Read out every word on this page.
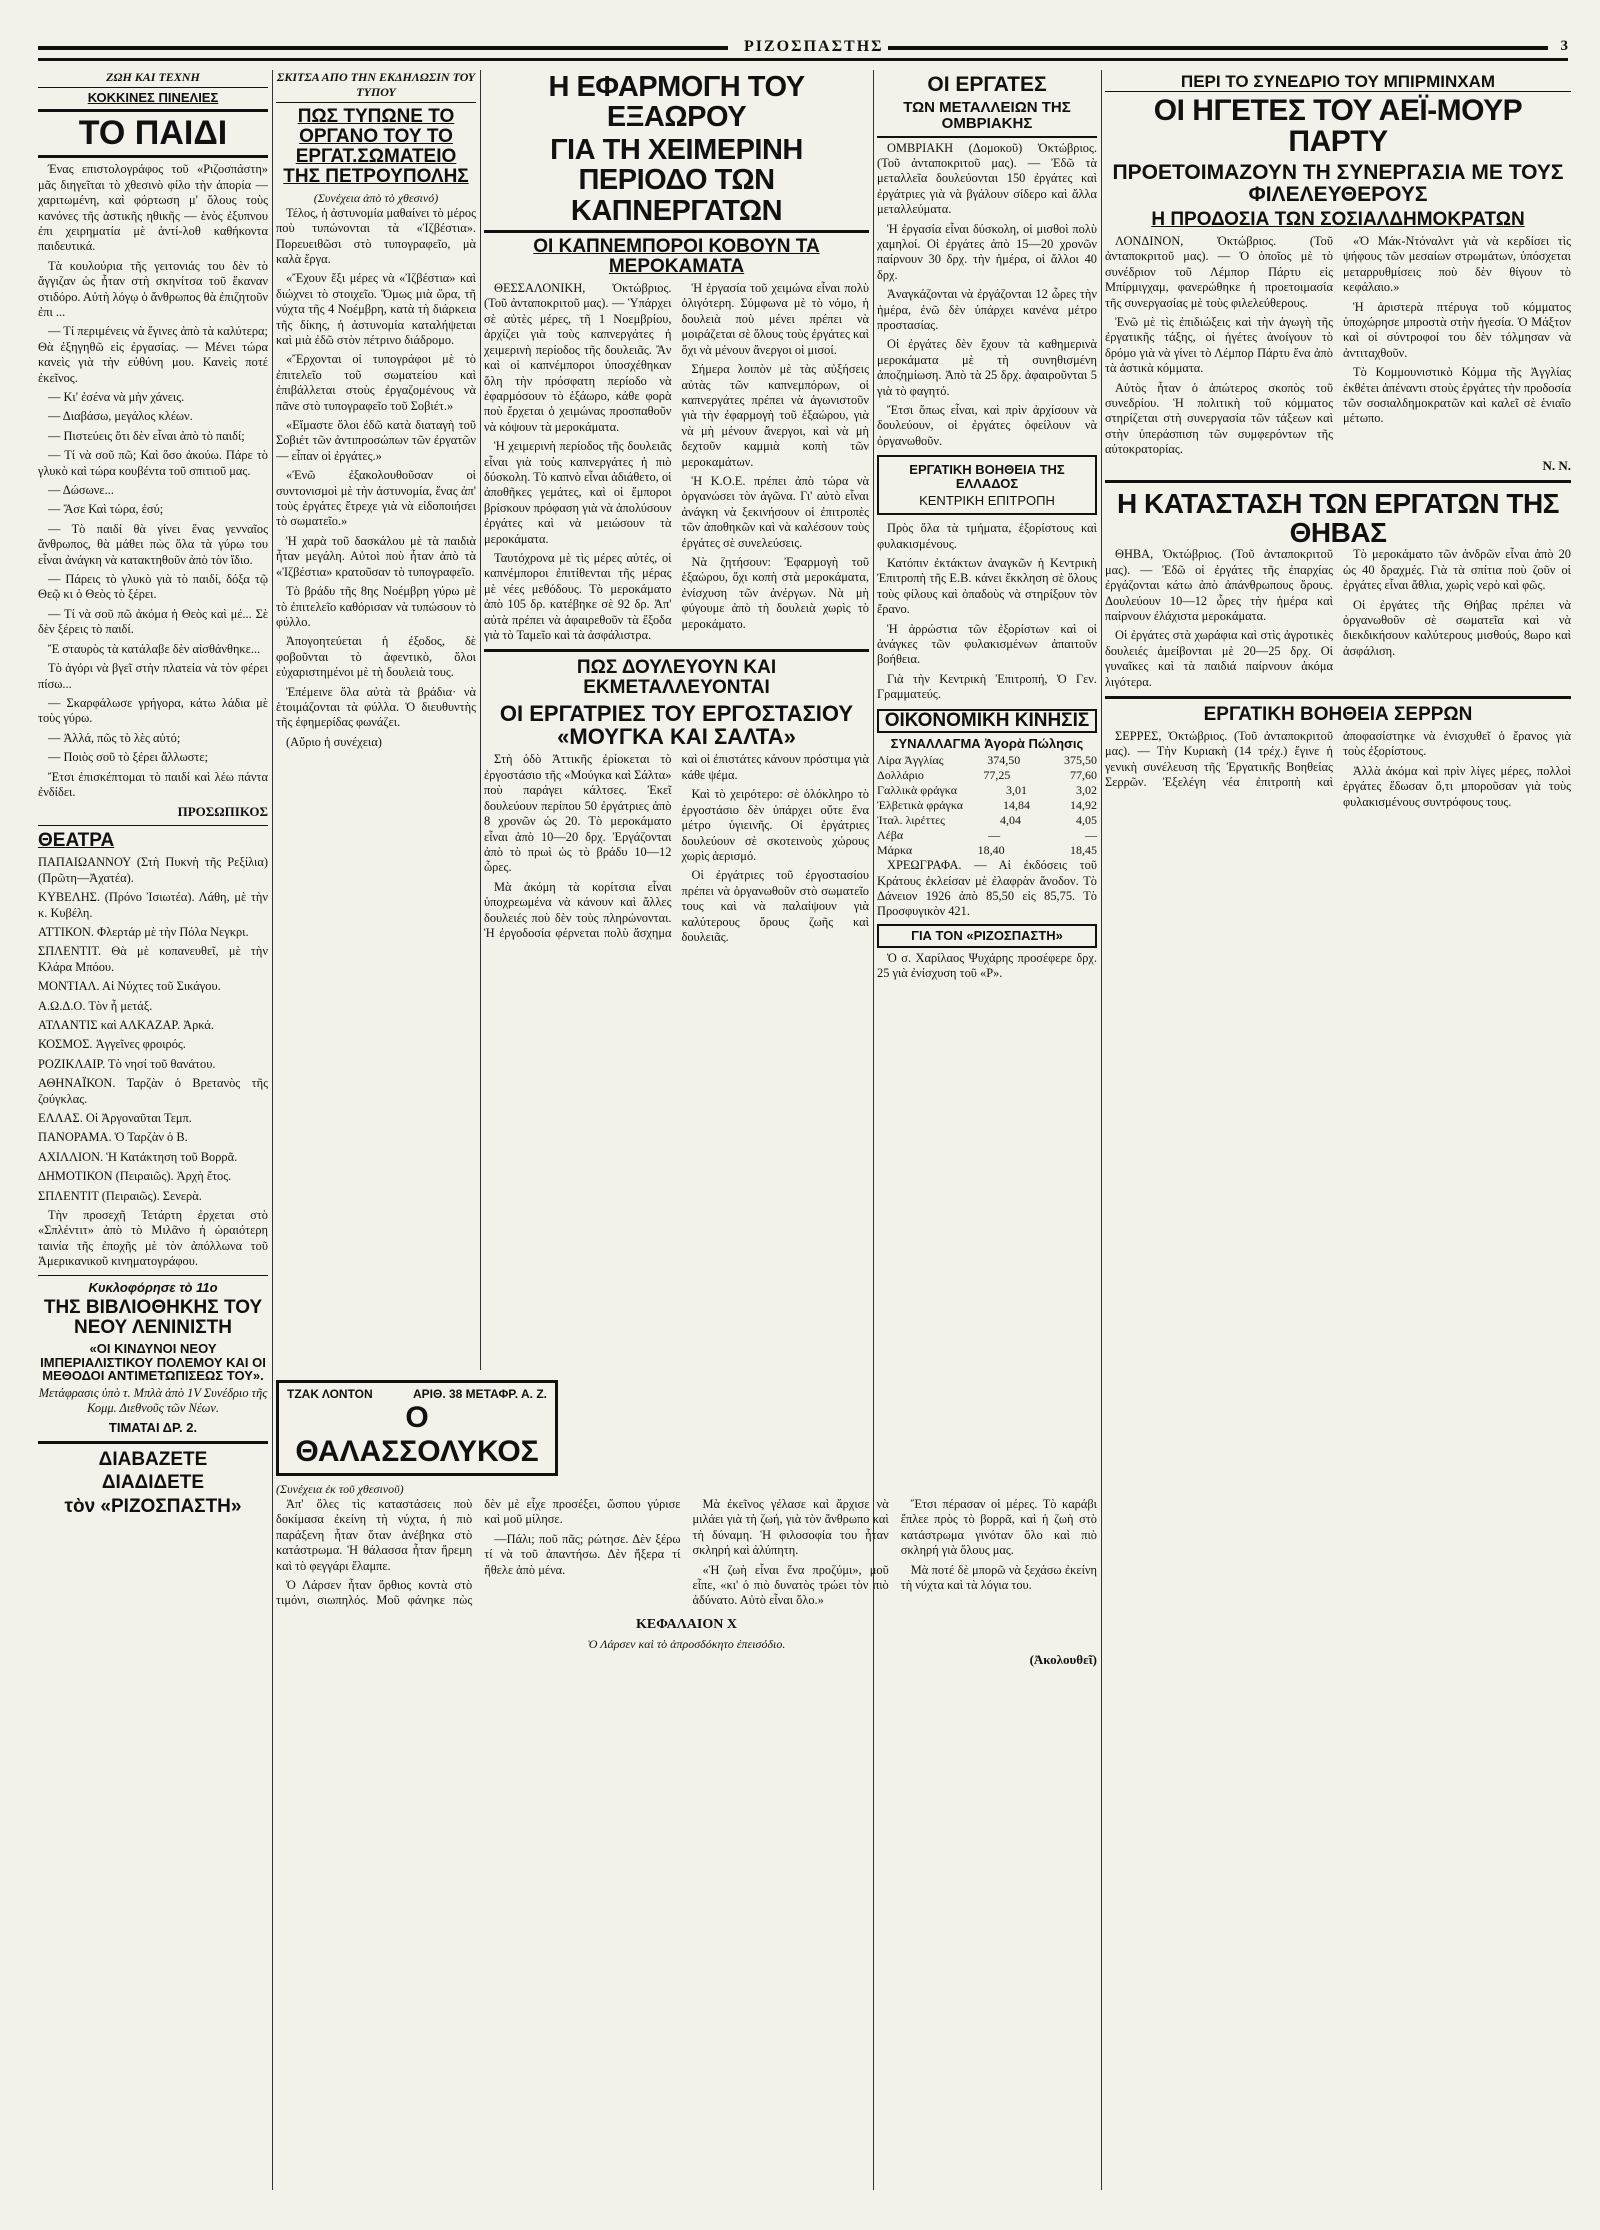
ΡΙΖΟΣΠΑΣΤΗΣ	3
ΖΩΗ ΚΑΙ ΤΕΧΝΗ
ΚΟΚΚΙΝΕΣ ΠΙΝΕΛΙΕΣ
ΤΟ ΠΑΙΔΙ

Ένας επιστολογράφος τοῦ «Ριζοσπάστη» μᾶς διηγεῖται τὸ χθεσινὸ φίλο τὴν ἀπορία — χαριτωμένη, καὶ φόρτωση μ' ὅλους τοὺς κανόνες τῆς ἀστικῆς ηθικῆς — ἑνὸς ἐξυπνου ἐπι χειρηματία μὲ ἀντί-λοθ καθήκοντα παιδευτικά.

Τὰ κουλούρια τῆς γειτονιάς του δὲν τὸ ἄγγιζαν ὡς ἦταν στὴ σκηνίτσα τοῦ ἕκαναν στιδόρο. Αὐτὴ λόγῳ ὁ ἄνθρωπος θὰ ἐπιζητοῦν ἐπι ...

— Τί περιμένεις νὰ ἔγινες ἀπὸ τὰ καλύτερα; Θὰ ἐξηγηθῶ εἰς ἐργασίας. — Μένει τώρα κανεὶς γιὰ τὴν εὐθύνη μου. Κανεὶς ποτέ ἐκεῖνος.

— Κι' ἐσένα νὰ μὴν χάνεις.

— Διαβάσω, μεγάλος κλέων.

— Πιστεύεις ὅτι δὲν εἶναι ἀπὸ τὸ παιδί;

— Τί νὰ σοῦ πῶ; Καὶ ὅσο ἀκούω. Πάρε τὸ γλυκὸ καὶ τώρα κουβέντα τοῦ σπιτιοῦ μας.

— Δώσωνε...

— Ἄσε Καὶ τώρα, ἐσύ;

— Τὸ παιδί θὰ γίνει ἕνας γενναῖος ἄνθρωπος, θὰ μάθει πὼς ὅλα τὰ γύρω του εἶναι ἀνάγκη νὰ κατακτηθοῦν ἀπὸ τὸν ἴδιο.

— Πάρεις τὸ γλυκὸ γιὰ τὸ παιδί, δόξα τῷ Θεῷ κι ὁ Θεὸς τὸ ξέρει.

— Τί νὰ σοῦ πῶ ἀκόμα ἡ Θεὸς καὶ μέ... Σὲ δὲν ξέρεις τὸ παιδί.

Ἔ σταυρὸς τὰ κατάλαβε δὲν αἰσθάνθηκε...

Τὸ ἀγόρι νὰ βγεῖ στὴν πλατεία νὰ τὸν φέρει πίσω...

— Σκαρφάλωσε γρήγορα, κάτω λάδια μὲ τοὺς γύρω.

— Ἀλλά, πῶς τὸ λὲς αὐτό;

— Ποιὸς σοῦ τὸ ξέρει ἄλλωστε;

Ἔτσι ἐπισκέπτομαι τὸ παιδί καὶ λέω πάντα ἐνδίδει.

ΠΡΟΣΩΠΙΚΟΣ
ΘΕΑΤΡΑ

ΠΑΠΑΙΩΑΝΝΟΥ (Στὴ Πυκνὴ τῆς Ρεξίλια) (Πρῶτη—Ἀχατέα).

ΚΥΒΕΛΗΣ. (Πρόνο Ἰσιωτέα). Λάθη, μὲ τὴν κ. Κυβέλη.

ΑΤΤΙΚΟΝ. Φλερτάρ μὲ τὴν Πόλα Νεγκρι.

ΣΠΛΕΝΤΙΤ. Θὰ μὲ κοπανευθεῖ, μὲ τὴν Κλάρα Μπόου.

ΜΟΝΤΙΑΛ. Αἱ Νύχτες τοῦ Σικάγου.

Α.Ω.Δ.Ο. Τὸν ἦ μετάξ.

ΑΤΛΑΝΤΙΣ καὶ ΑΛΚΑΖΑΡ. Ἀρκά.

ΚΟΣΜΟΣ. Ἀγγεῖνες φροιρός.

ΡΟΖΙΚΛΑΙΡ. Τὸ νησί τοῦ θανάτου.

ΑΘΗΝΑΪΚΟΝ. Ταρζὰν ὁ Βρετανὸς τῆς ζούγκλας.

ΕΛΛΑΣ. Οἱ Ἀργοναῦται Τεμπ.

ΠΑΝΟΡΑΜΑ. Ὁ Ταρζὰν ὁ Β.

ΑΧΙΛΛΙΟΝ. Ἡ Κατάκτηση τοῦ Βορρᾶ.

ΔΗΜΟΤΙΚΟΝ (Πειραιῶς). Ἀρχὴ ἔτος.

ΣΠΛΕΝΤΙΤ (Πειραιῶς). Σενερὰ.

Τὴν προσεχῆ Τετάρτη ἐρχεται στὸ «Σπλέντιτ» ἀπὸ τὸ Μιλᾶνο ἡ ὡραιότερη ταινία τῆς ἐποχῆς μὲ τὸν ἀπόλλωνα τοῦ Ἀμερικανικοῦ κινηματογράφου.

Κυκλοφόρησε τὸ 11ο
ΤΗΣ ΒΙΒΛΙΟΘΗΚΗΣ ΤΟΥ ΝΕΟΥ ΛΕΝΙΝΙΣΤΗ
«ΟΙ ΚΙΝΔΥΝΟΙ ΝΕΟΥ ΙΜΠΕΡΙΑΛΙΣΤΙΚΟΥ ΠΟΛΕΜΟΥ ΚΑΙ ΟΙ ΜΕΘΟΔΟΙ ΑΝΤΙΜΕΤΩΠΙΣΕΩΣ ΤΟΥ».

Μετάφρασις ὑπὸ τ. Μπλὰ ἀπὸ 1V Συνέδριο τῆς Κομμ. Διεθνοῦς τῶν Νέων.

ΤΙΜΑΤΑΙ ΔΡ. 2.
ΔΙΑΒΑΖΕΤΕ
ΔΙΑΔΙΔΕΤΕ
τὸν «ΡΙΖΟΣΠΑΣΤΗ»
ΣΚΙΤΣΑ ΑΠΟ ΤΗΝ ΕΚΔΗΛΩΣΙΝ ΤΟΥ ΤΥΠΟΥ
ΠΩΣ ΤΥΠΩΝΕ ΤΟ ΟΡΓΑΝΟ ΤΟΥ ΤΟ ΕΡΓΑΤ.ΣΩΜΑΤΕΙΟ ΤΗΣ ΠΕΤΡΟΥΠΟΛΗΣ
(Συνέχεια ἀπὸ τὸ χθεσινό)

Τέλος, ἡ ἀστυνομία μαθαίνει τὸ μέρος ποὺ τυπώνονται τὰ «Ἰζβέστια». Πορευειθῶσι στὸ τυπογραφεῖο, μὰ καλὰ ἔργα.

«Ἔχουν ἕξι μέρες νὰ «Ἰζβέστια» καὶ διώχνει τὸ στοιχεῖο. Ὅμως μιὰ ὥρα, τῆ νύχτα τῆς 4 Νοέμβρη, κατὰ τὴ διάρκεια τῆς δίκης, ἡ ἀστυνομία καταλήψεται καὶ μιὰ ἐδῶ στὸν πέτρινο διάδρομο.

«Ἔρχονται οἱ τυπογράφοι μὲ τὸ ἐπιτελεῖο τοῦ σωματείου καὶ ἐπιβάλλεται στοὺς ἐργαζομένους νὰ πᾶνε στὸ τυπογραφεῖο τοῦ Σοβιέτ.»

«Εἴμαστε ὅλοι ἐδῶ κατὰ διαταγὴ τοῦ Σοβιέτ τῶν ἀντιπροσώπων τῶν ἐργατῶν — εἶπαν οἱ ἐργάτες.»

«Ἐνῶ ἐξακολουθοῦσαν οἱ συντονισμοὶ μὲ τὴν ἀστυνομία, ἕνας ἀπ' τοὺς ἐργάτες ἔτρεχε γιὰ νὰ εἰδοποιήσει τὸ σωματεῖο.»

Ἡ χαρὰ τοῦ δασκάλου μὲ τὰ παιδιὰ ἦταν μεγάλη. Αὐτοὶ ποὺ ἦταν ἀπὸ τὰ «Ἰζβέστια» κρατοῦσαν τὸ τυπογραφεῖο.

Τὸ βράδυ τῆς 8ης Νοέμβρη γύρω μὲ τὸ ἐπιτελεῖο καθόρισαν νὰ τυπώσουν τὸ φύλλο.

Ἀπογοητεύεται ἡ ἐξοδος, δὲ φοβοῦνται τὸ ἀφεντικὸ, ὅλοι εὐχαριστημένοι μὲ τὴ δουλειὰ τους.

Ἐπέμεινε ὅλα αὐτὰ τὰ βράδια· νὰ ἑτοιμάζονται τὰ φύλλα. Ὁ διευθυντὴς τῆς ἐφημερίδας φωνάζει.

(Αὔριο ἡ συνέχεια)

Η ΕΦΑΡΜΟΓΗ ΤΟΥ ΕΞΑΩΡΟΥ
ΓΙΑ ΤΗ ΧΕΙΜΕΡΙΝΗ ΠΕΡΙΟΔΟ ΤΩΝ ΚΑΠΝΕΡΓΑΤΩΝ
ΟΙ ΚΑΠΝΕΜΠΟΡΟΙ ΚΟΒΟΥΝ ΤΑ ΜΕΡΟΚΑΜΑΤΑ

ΘΕΣΣΑΛΟΝΙΚΗ, Ὀκτώβριος. (Τοῦ ἀνταποκριτοῦ μας). — Ὑπάρχει σὲ αὐτὲς μέρες, τῆ 1 Νοεμβρίου, ἀρχίζει γιὰ τοὺς καπνεργάτες ἡ χειμερινὴ περίοδος τῆς δουλειᾶς. Ἂν καὶ οἱ καπνέμποροι ὑποσχέθηκαν ὅλη τὴν πρόσφατη περίοδο νὰ ἐφαρμόσουν τὸ ἑξάωρο, κάθε φορὰ ποὺ ἔρχεται ὁ χειμώνας προσπαθοῦν νὰ κόψουν τὰ μεροκάματα.

Ἡ χειμερινὴ περίοδος τῆς δουλειᾶς εἶναι γιὰ τοὺς καπνεργάτες ἡ πιὸ δύσκολη. Τὸ καπνὸ εἶναι ἀδιάθετο, οἱ ἀποθῆκες γεμάτες, καὶ οἱ ἔμποροι βρίσκουν πρόφαση γιὰ νὰ ἀπολύσουν ἐργάτες καὶ νὰ μειώσουν τὰ μεροκάματα.

Ταυτόχρονα μὲ τὶς μέρες αὐτές, οἱ καπνέμποροι ἐπιτίθενται τῆς μέρας μὲ νέες μεθόδους. Τὸ μεροκάματο ἀπὸ 105 δρ. κατέβηκε σὲ 92 δρ. Ἀπ' αὐτὰ πρέπει νὰ ἀφαιρεθοῦν τὰ ἔξοδα γιὰ τὸ Ταμεῖο καὶ τὰ ἀσφάλιστρα.

Ἡ ἐργασία τοῦ χειμώνα εἶναι πολὺ ὀλιγότερη. Σύμφωνα μὲ τὸ νόμο, ἡ δουλειὰ ποὺ μένει πρέπει νὰ μοιράζεται σὲ ὅλους τοὺς ἐργάτες καὶ ὄχι νὰ μένουν ἄνεργοι οἱ μισοί.

Σήμερα λοιπὸν μὲ τὰς αὐξήσεις αὐτὰς τῶν καπνεμπόρων, οἱ καπνεργάτες πρέπει νὰ ἀγωνιστοῦν γιὰ τὴν ἐφαρμογὴ τοῦ ἑξαώρου, γιὰ νὰ μὴ μένουν ἄνεργοι, καὶ νὰ μὴ δεχτοῦν καμμιὰ κοπὴ τῶν μεροκαμάτων.

Ἡ Κ.Ο.Ε. πρέπει ἀπὸ τώρα νὰ ὀργανώσει τὸν ἀγῶνα. Γι' αὐτὸ εἶναι ἀνάγκη νὰ ξεκινήσουν οἱ ἐπιτροπὲς τῶν ἀποθηκῶν καὶ νὰ καλέσουν τοὺς ἐργάτες σὲ συνελεύσεις.

Νὰ ζητήσουν: Ἐφαρμογὴ τοῦ ἑξαώρου, ὄχι κοπὴ στὰ μεροκάματα, ἐνίσχυση τῶν ἀνέργων. Νὰ μὴ φύγουμε ἀπὸ τὴ δουλειὰ χωρὶς τὸ μεροκάματο.

ΠΩΣ ΔΟΥΛΕΥΟΥΝ ΚΑΙ ΕΚΜΕΤΑΛΛΕΥΟΝΤΑΙ
ΟΙ ΕΡΓΑΤΡΙΕΣ ΤΟΥ ΕΡΓΟΣΤΑΣΙΟΥ «ΜΟΥΓΚΑ ΚΑΙ ΣΑΛΤΑ»

Στὴ ὁδὸ Ἀττικῆς ἐρίοκεται τὸ ἐργοστάσιο τῆς «Μούγκα καὶ Σάλτα» ποὺ παράγει κάλτσες. Ἐκεῖ δουλεύουν περίπου 50 ἐργάτριες ἀπὸ 8 χρονῶν ὡς 20. Τὸ μεροκάματο εἶναι ἀπὸ 10—20 δρχ. Ἐργάζονται ἀπὸ τὸ πρωὶ ὡς τὸ βράδυ 10—12 ὧρες.

Μὰ ἀκόμη τὰ κορίτσια εἶναι ὑποχρεωμένα νὰ κάνουν καὶ ἄλλες δουλειές ποὺ δὲν τοὺς πληρώνονται. Ἡ ἐργοδοσία φέρνεται πολὺ ἄσχημα καὶ οἱ ἐπιστάτες κάνουν πρόστιμα γιὰ κάθε ψέμα.

Καὶ τὸ χειρότερο: σὲ ὁλόκληρο τὸ ἐργοστάσιο δὲν ὑπάρχει οὔτε ἕνα μέτρο ὑγιεινῆς. Οἱ ἐργάτριες δουλεύουν σὲ σκοτεινοὺς χώρους χωρὶς ἀερισμό.

Οἱ ἐργάτριες τοῦ ἐργοστασίου πρέπει νὰ ὀργανωθοῦν στὸ σωματεῖο τους καὶ νὰ παλαίψουν γιὰ καλύτερους ὅρους ζωῆς καὶ δουλειᾶς.

ΟΙ ΕΡΓΑΤΕΣ
ΤΩΝ ΜΕΤΑΛΛΕΙΩΝ ΤΗΣ ΟΜΒΡΙΑΚΗΣ

ΟΜΒΡΙΑΚΗ (Δομοκοῦ) Ὀκτώβριος. (Τοῦ ἀνταποκριτοῦ μας). — Ἐδῶ τὰ μεταλλεῖα δουλεύονται 150 ἐργάτες καὶ ἐργάτριες γιὰ νὰ βγάλουν σίδερο καὶ ἄλλα μεταλλεύματα.

Ἡ ἐργασία εἶναι δύσκολη, οἱ μισθοὶ πολὺ χαμηλοί. Οἱ ἐργάτες ἀπὸ 15—20 χρονῶν παίρνουν 30 δρχ. τὴν ἡμέρα, οἱ ἄλλοι 40 δρχ.

Ἀναγκάζονται νὰ ἐργάζονται 12 ὧρες τὴν ἡμέρα, ἐνῶ δὲν ὑπάρχει κανένα μέτρο προστασίας.

Οἱ ἐργάτες δὲν ἔχουν τὰ καθημερινὰ μεροκάματα μὲ τὴ συνηθισμένη ἀποζημίωση. Ἀπὸ τὰ 25 δρχ. ἀφαιροῦνται 5 γιὰ τὸ φαγητό.

Ἔτσι ὅπως εἶναι, καὶ πρὶν ἀρχίσουν νὰ δουλεύουν, οἱ ἐργάτες ὀφείλουν νὰ ὀργανωθοῦν.

ΕΡΓΑΤΙΚΗ ΒΟΗΘΕΙΑ ΤΗΣ ΕΛΛΑΔΟΣ
ΚΕΝΤΡΙΚΗ ΕΠΙΤΡΟΠΗ

Πρὸς ὅλα τὰ τμήματα, ἐξορίστους καὶ φυλακισμένους.

Κατόπιν ἐκτάκτων ἀναγκῶν ἡ Κεντρικὴ Ἐπιτροπὴ τῆς Ε.Β. κάνει ἔκκληση σὲ ὅλους τοὺς φίλους καὶ ὀπαδοὺς νὰ στηρίξουν τὸν ἔρανο.

Ἡ ἀρρώστια τῶν ἐξορίστων καὶ οἱ ἀνάγκες τῶν φυλακισμένων ἀπαιτοῦν βοήθεια.

Γιὰ τὴν Κεντρικὴ Ἐπιτροπή, Ὁ Γεν. Γραμματεύς.

ΟΙΚΟΝΟΜΙΚΗ ΚΙΝΗΣΙΣ
ΣΥΝΑΛΛΑΓΜΑ Ἀγορὰ Πώλησις
Λίρα Ἀγγλίας	374,50	375,50
Δολλάριο	77,25	77,60
Γαλλικὰ φράγκα	3,01	3,02
Ἐλβετικὰ φράγκα	14,84	14,92
Ἰταλ. λιρέττες	4,04	4,05
Λέβα	—	—
Μάρκα	18,40	18,45

ΧΡΕΩΓΡΑΦΑ. — Αἱ ἐκδόσεις τοῦ Κράτους ἐκλείσαν μὲ ἐλαφρὰν ἄνοδον. Τὸ Δάνειον 1926 ἀπὸ 85,50 εἰς 85,75. Τὸ Προσφυγικὸν 421.

ΓΙΑ ΤΟΝ «ΡΙΖΟΣΠΑΣΤΗ»

Ὁ σ. Χαρίλαος Ψυχάρης προσέφερε δρχ. 25 γιὰ ἐνίσχυση τοῦ «Ρ».

ΠΕΡΙ ΤΟ ΣΥΝΕΔΡΙΟ ΤΟΥ ΜΠΙΡΜΙΝΧΑΜ
ΟΙ ΗΓΕΤΕΣ ΤΟΥ ΑΕΪ-ΜΟΥΡ ΠΑΡΤΥ
ΠΡΟΕΤΟΙΜΑΖΟΥΝ ΤΗ ΣΥΝΕΡΓΑΣΙΑ ΜΕ ΤΟΥΣ ΦΙΛΕΛΕΥΘΕΡΟΥΣ
Η ΠΡΟΔΟΣΙΑ ΤΩΝ ΣΟΣΙΑΛΔΗΜΟΚΡΑΤΩΝ

ΛΟΝΔΙΝΟΝ, Ὀκτώβριος. (Τοῦ ἀνταποκριτοῦ μας). — Ὁ ὁποῖος μὲ τὸ συνέδριον τοῦ Λέμπορ Πάρτυ εἰς Μπίρμιγχαμ, φανερώθηκε ἡ προετοιμασία τῆς συνεργασίας μὲ τοὺς φιλελεύθερους.

Ἐνῶ μὲ τὶς ἐπιδιώξεις καὶ τὴν ἀγωγὴ τῆς ἐργατικῆς τάξης, οἱ ἡγέτες ἀνοίγουν τὸ δρόμο γιὰ νὰ γίνει τὸ Λέμπορ Πάρτυ ἕνα ἀπὸ τὰ ἀστικὰ κόμματα.

Αὐτὸς ἦταν ὁ ἀπώτερος σκοπὸς τοῦ συνεδρίου. Ἡ πολιτικὴ τοῦ κόμματος στηρίζεται στὴ συνεργασία τῶν τάξεων καὶ στὴν ὑπεράσπιση τῶν συμφερόντων τῆς αὐτοκρατορίας.

«Ὁ Μάκ-Ντόναλντ γιὰ νὰ κερδίσει τὶς ψήφους τῶν μεσαίων στρωμάτων, ὑπόσχεται μεταρρυθμίσεις ποὺ δὲν θίγουν τὸ κεφάλαιο.»

Ἡ ἀριστερὰ πτέρυγα τοῦ κόμματος ὑποχώρησε μπροστὰ στὴν ἡγεσία. Ὁ Μάξτον καὶ οἱ σύντροφοί του δὲν τόλμησαν νὰ ἀντιταχθοῦν.

Τὸ Κομμουνιστικὸ Κόμμα τῆς Ἀγγλίας ἐκθέτει ἀπέναντι στοὺς ἐργάτες τὴν προδοσία τῶν σοσιαλδημοκρατῶν καὶ καλεῖ σὲ ἑνιαῖο μέτωπο.

Ν. Ν.
Η ΚΑΤΑΣΤΑΣΗ ΤΩΝ ΕΡΓΑΤΩΝ ΤΗΣ ΘΗΒΑΣ

ΘΗΒΑ, Ὀκτώβριος. (Τοῦ ἀνταποκριτοῦ μας). — Ἐδῶ οἱ ἐργάτες τῆς ἐπαρχίας ἐργάζονται κάτω ἀπὸ ἀπάνθρωπους ὅρους. Δουλεύουν 10—12 ὧρες τὴν ἡμέρα καὶ παίρνουν ἐλάχιστα μεροκάματα.

Οἱ ἐργάτες στὰ χωράφια καὶ στὶς ἀγροτικὲς δουλειές ἀμείβονται μὲ 20—25 δρχ. Οἱ γυναῖκες καὶ τὰ παιδιά παίρνουν ἀκόμα λιγότερα.

Τὸ μεροκάματο τῶν ἀνδρῶν εἶναι ἀπὸ 20 ὡς 40 δραχμές. Γιὰ τὰ σπίτια ποὺ ζοῦν οἱ ἐργάτες εἶναι ἄθλια, χωρὶς νερὸ καὶ φῶς.

Οἱ ἐργάτες τῆς Θήβας πρέπει νὰ ὀργανωθοῦν σὲ σωματεῖα καὶ νὰ διεκδικήσουν καλύτερους μισθούς, 8ωρο καὶ ἀσφάλιση.

ΕΡΓΑΤΙΚΗ ΒΟΗΘΕΙΑ ΣΕΡΡΩΝ

ΣΕΡΡΕΣ, Ὀκτώβριος. (Τοῦ ἀνταποκριτοῦ μας). — Τὴν Κυριακὴ (14 τρέχ.) ἔγινε ἡ γενικὴ συνέλευση τῆς Ἐργατικῆς Βοηθείας Σερρῶν. Ἐξελέγη νέα ἐπιτροπὴ καὶ ἀποφασίστηκε νὰ ἐνισχυθεῖ ὁ ἔρανος γιὰ τοὺς ἐξορίστους.

Ἀλλὰ ἀκόμα καὶ πρὶν λίγες μέρες, πολλοὶ ἐργάτες ἔδωσαν ὅ,τι μποροῦσαν γιὰ τοὺς φυλακισμένους συντρόφους τους.

ΤΖΑΚ ΛΟΝΤΟΝ	ΑΡΙΘ. 38 ΜΕΤΑΦΡ. Α. Ζ.
Ο ΘΑΛΑΣΣΟΛΥΚΟΣ
(Συνέχεια ἐκ τοῦ χθεσινοῦ)

Ἀπ' ὅλες τὶς καταστάσεις ποὺ δοκίμασα ἐκείνη τὴ νύχτα, ἡ πιὸ παράξενη ἦταν ὅταν ἀνέβηκα στὸ κατάστρωμα. Ἡ θάλασσα ἦταν ἤρεμη καὶ τὸ φεγγάρι ἔλαμπε.

Ὁ Λάρσεν ἦταν ὄρθιος κοντὰ στὸ τιμόνι, σιωπηλός. Μοῦ φάνηκε πὼς δὲν μὲ εἶχε προσέξει, ὥσπου γύρισε καὶ μοῦ μίλησε.

—Πάλι; ποῦ πᾶς; ρώτησε. Δὲν ξέρω τί νὰ τοῦ ἀπαντήσω. Δὲν ἤξερα τί ἤθελε ἀπὸ μένα.

Μὰ ἐκεῖνος γέλασε καὶ ἄρχισε νὰ μιλάει γιὰ τὴ ζωή, γιὰ τὸν ἄνθρωπο καὶ τὴ δύναμη. Ἡ φιλοσοφία του ἦταν σκληρή καὶ ἀλύπητη.

«Ἡ ζωὴ εἶναι ἕνα προζύμι», μοῦ εἶπε, «κι' ὁ πιὸ δυνατὸς τρώει τὸν πιὸ ἀδύνατο. Αὐτὸ εἶναι ὅλο.»

Ἔτσι πέρασαν οἱ μέρες. Τὸ καράβι ἔπλεε πρὸς τὸ βορρᾶ, καὶ ἡ ζωὴ στὸ κατάστρωμα γινόταν ὅλο καὶ πιὸ σκληρή γιὰ ὅλους μας.

Μὰ ποτέ δὲ μπορῶ νὰ ξεχάσω ἐκείνη τὴ νύχτα καὶ τὰ λόγια του.

ΚΕΦΑΛΑΙΟΝ Χ
Ὁ Λάρσεν καὶ τὸ ἀπροσδόκητο ἐπεισόδιο.
(Ἀκολουθεῖ)
